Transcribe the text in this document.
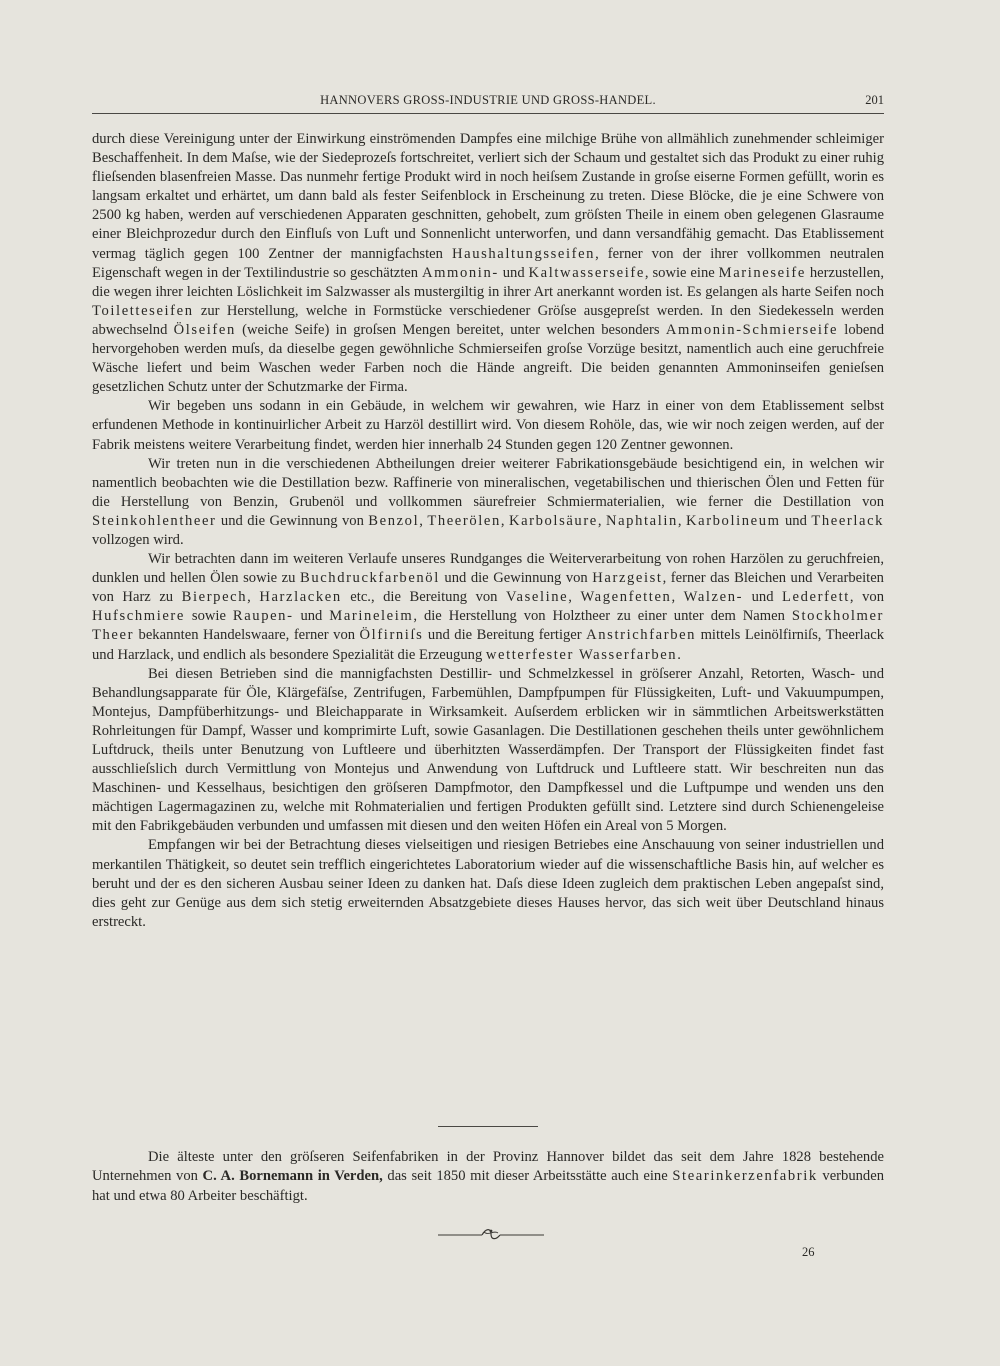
HANNOVERS GROSS-INDUSTRIE UND GROSS-HANDEL.	201

durch diese Vereinigung unter der Einwirkung einströmenden Dampfes eine milchige Brühe von allmählich zunehmender schleimiger Beschaffenheit. In dem Maſse, wie der Siedeprozeſs fortschreitet, verliert sich der Schaum und gestaltet sich das Produkt zu einer ruhig flieſsenden blasenfreien Masse. Das nunmehr fertige Produkt wird in noch heiſsem Zustande in groſse eiserne Formen gefüllt, worin es langsam erkaltet und erhärtet, um dann bald als fester Seifenblock in Erscheinung zu treten. Diese Blöcke, die je eine Schwere von 2500 kg haben, werden auf verschiedenen Apparaten geschnitten, gehobelt, zum gröſsten Theile in einem oben gelegenen Glasraume einer Bleichprozedur durch den Einfluſs von Luft und Sonnenlicht unterworfen, und dann versandfähig gemacht. Das Etablissement vermag täglich gegen 100 Zentner der mannigfachsten Haushaltungsseifen, ferner von der ihrer vollkommen neutralen Eigenschaft wegen in der Textilindustrie so geschätzten Ammonin- und Kaltwasserseife, sowie eine Marineseife herzustellen, die wegen ihrer leichten Löslichkeit im Salzwasser als mustergiltig in ihrer Art anerkannt worden ist. Es gelangen als harte Seifen noch Toiletteseifen zur Herstellung, welche in Formstücke verschiedener Gröſse ausgepreſst werden. In den Siedekesseln werden abwechselnd Ölseifen (weiche Seife) in groſsen Mengen bereitet, unter welchen besonders Ammonin-Schmierseife lobend hervorgehoben werden muſs, da dieselbe gegen gewöhnliche Schmierseifen groſse Vorzüge besitzt, namentlich auch eine geruchfreie Wäsche liefert und beim Waschen weder Farben noch die Hände angreift. Die beiden genannten Ammoninseifen genieſsen gesetzlichen Schutz unter der Schutzmarke der Firma.

Wir begeben uns sodann in ein Gebäude, in welchem wir gewahren, wie Harz in einer von dem Etablissement selbst erfundenen Methode in kontinuirlicher Arbeit zu Harzöl destillirt wird. Von diesem Rohöle, das, wie wir noch zeigen werden, auf der Fabrik meistens weitere Verarbeitung findet, werden hier innerhalb 24 Stunden gegen 120 Zentner gewonnen.

Wir treten nun in die verschiedenen Abtheilungen dreier weiterer Fabrikationsgebäude besichtigend ein, in welchen wir namentlich beobachten wie die Destillation bezw. Raffinerie von mineralischen, vegetabilischen und thierischen Ölen und Fetten für die Herstellung von Benzin, Grubenöl und vollkommen säurefreier Schmiermaterialien, wie ferner die Destillation von Steinkohlentheer und die Gewinnung von Benzol, Theerölen, Karbolsäure, Naphtalin, Karbolineum und Theerlack vollzogen wird.

Wir betrachten dann im weiteren Verlaufe unseres Rundganges die Weiterverarbeitung von rohen Harzölen zu geruchfreien, dunklen und hellen Ölen sowie zu Buchdruckfarbenöl und die Gewinnung von Harzgeist, ferner das Bleichen und Verarbeiten von Harz zu Bierpech, Harzlacken etc., die Bereitung von Vaseline, Wagenfetten, Walzen- und Lederfett, von Hufschmiere sowie Raupen- und Marineleim, die Herstellung von Holztheer zu einer unter dem Namen Stockholmer Theer bekannten Handelswaare, ferner von Ölfirniſs und die Bereitung fertiger Anstrichfarben mittels Leinölfirniſs, Theerlack und Harzlack, und endlich als besondere Spezialität die Erzeugung wetterfester Wasserfarben.

Bei diesen Betrieben sind die mannigfachsten Destillir- und Schmelzkessel in gröſserer Anzahl, Retorten, Wasch- und Behandlungsapparate für Öle, Klärgefäſse, Zentrifugen, Farbemühlen, Dampfpumpen für Flüssigkeiten, Luft- und Vakuumpumpen, Montejus, Dampfüberhitzungs- und Bleichapparate in Wirksamkeit. Auſserdem erblicken wir in sämmtlichen Arbeitswerkstätten Rohrleitungen für Dampf, Wasser und komprimirte Luft, sowie Gasanlagen. Die Destillationen geschehen theils unter gewöhnlichem Luftdruck, theils unter Benutzung von Luftleere und überhitzten Wasserdämpfen. Der Transport der Flüssigkeiten findet fast ausschlieſslich durch Vermittlung von Montejus und Anwendung von Luftdruck und Luftleere statt. Wir beschreiten nun das Maschinen- und Kesselhaus, besichtigen den gröſseren Dampfmotor, den Dampfkessel und die Luftpumpe und wenden uns den mächtigen Lagermagazinen zu, welche mit Rohmaterialien und fertigen Produkten gefüllt sind. Letztere sind durch Schienengeleise mit den Fabrikgebäuden verbunden und umfassen mit diesen und den weiten Höfen ein Areal von 5 Morgen.

Empfangen wir bei der Betrachtung dieses vielseitigen und riesigen Betriebes eine Anschauung von seiner industriellen und merkantilen Thätigkeit, so deutet sein trefflich eingerichtetes Laboratorium wieder auf die wissenschaftliche Basis hin, auf welcher es beruht und der es den sicheren Ausbau seiner Ideen zu danken hat. Daſs diese Ideen zugleich dem praktischen Leben angepaſst sind, dies geht zur Genüge aus dem sich stetig erweiternden Absatzgebiete dieses Hauses hervor, das sich weit über Deutschland hinaus erstreckt.

Die älteste unter den gröſseren Seifenfabriken in der Provinz Hannover bildet das seit dem Jahre 1828 bestehende Unternehmen von C. A. Bornemann in Verden, das seit 1850 mit dieser Arbeitsstätte auch eine Stearinkerzenfabrik verbunden hat und etwa 80 Arbeiter beschäftigt.

26
